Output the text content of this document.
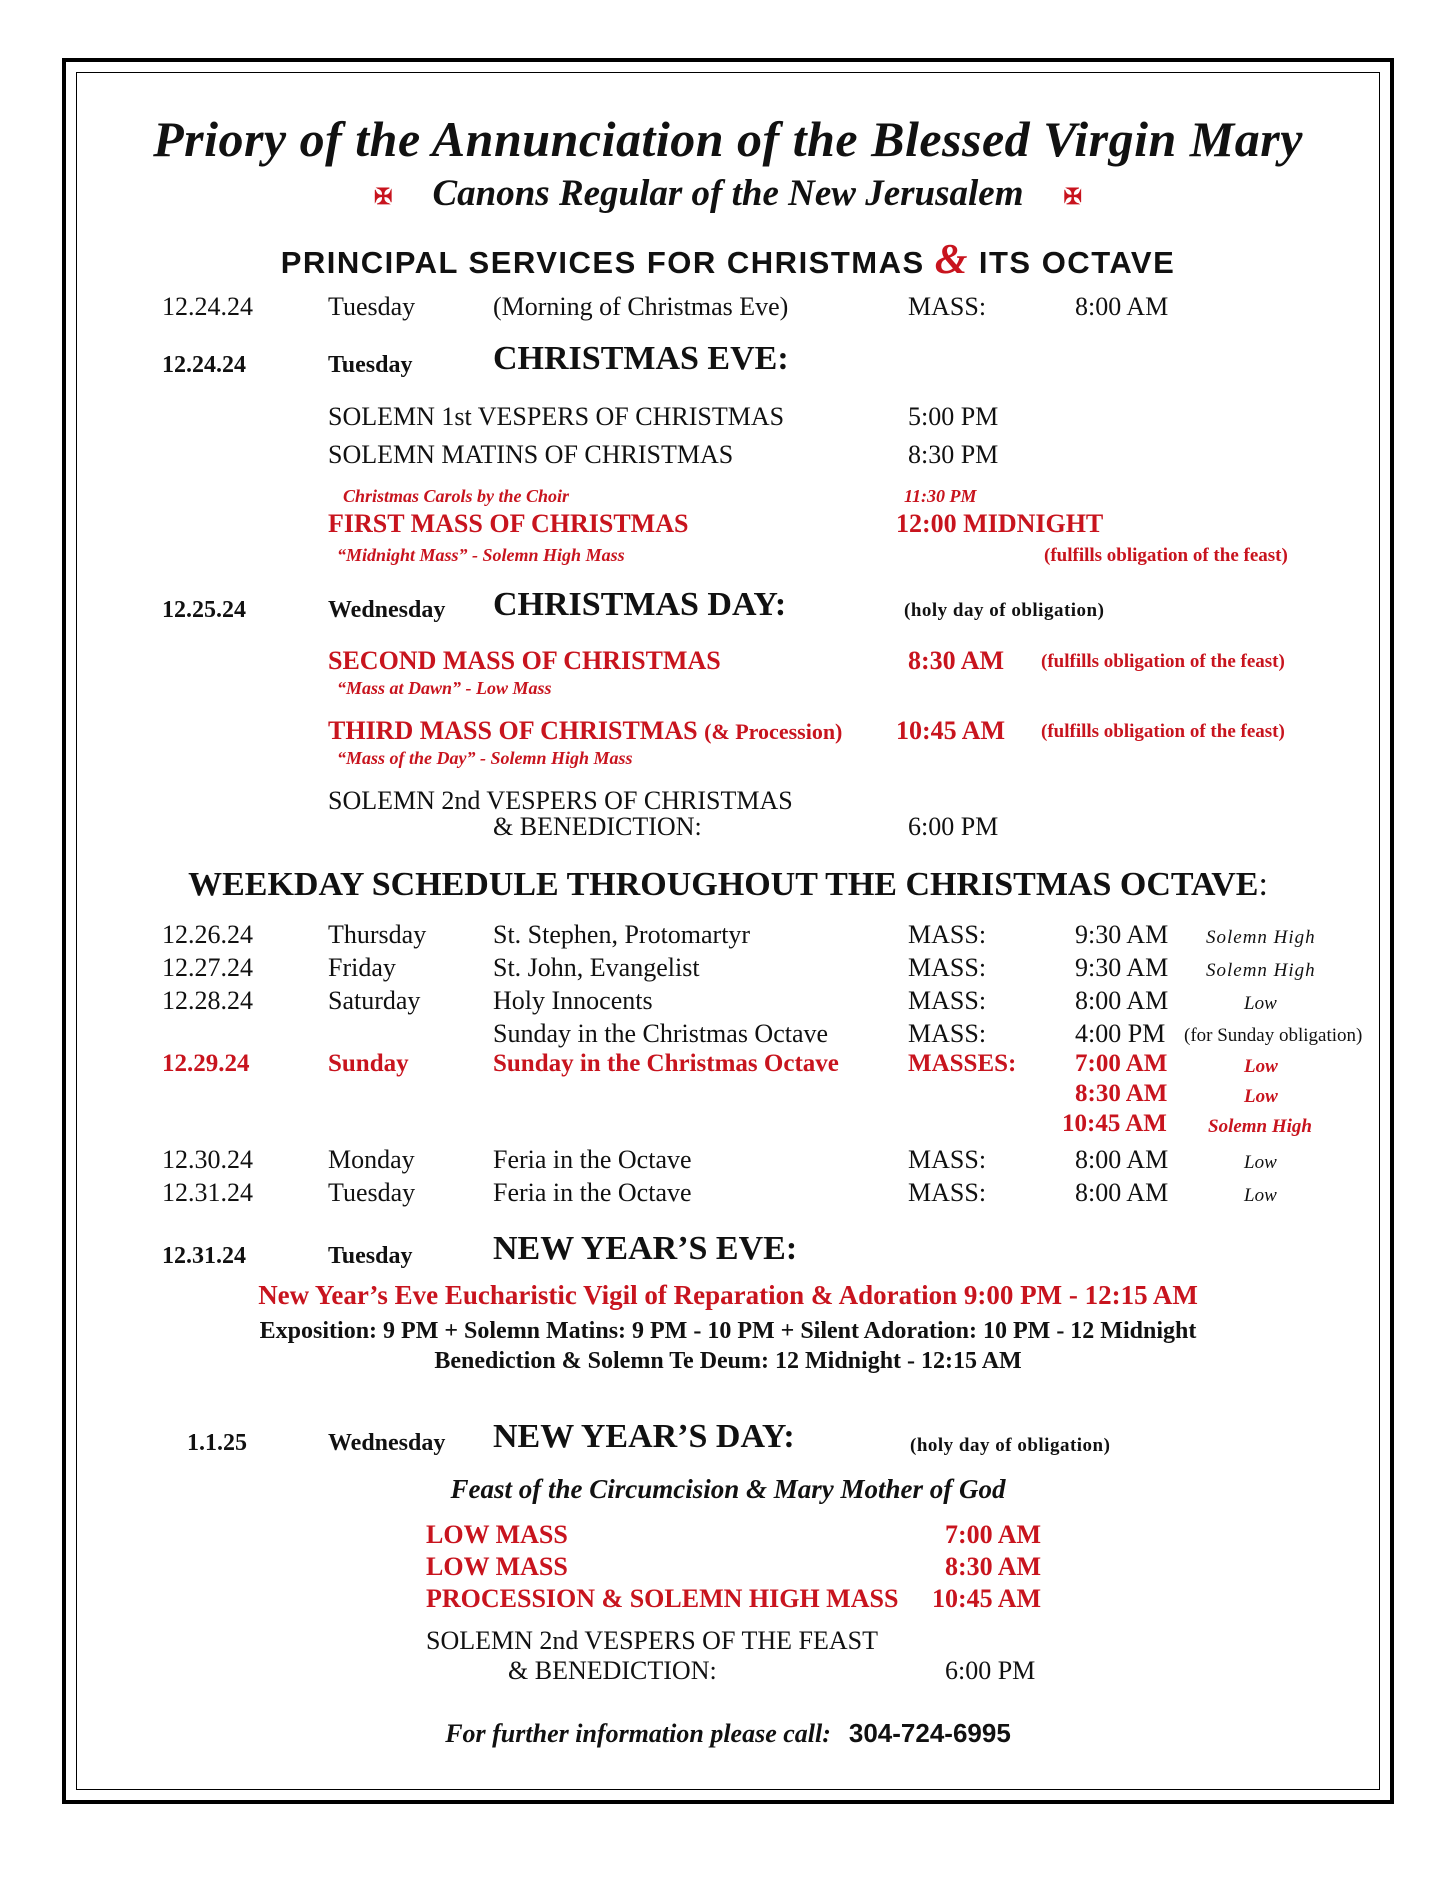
Priory of the Annunciation of the Blessed Virgin Mary
✠ Canons Regular of the New Jerusalem ✠
PRINCIPAL SERVICES FOR CHRISTMAS & ITS OCTAVE
12.24.24	Tuesday	(Morning of Christmas Eve)	MASS:	8:00 AM
12.24.24	Tuesday CHRISTMAS EVE:
SOLEMN 1st VESPERS OF CHRISTMAS	5:00 PM
SOLEMN MATINS OF CHRISTMAS	8:30 PM
Christmas Carols by the Choir	11:30 PM
FIRST MASS OF CHRISTMAS	12:00 MIDNIGHT
“Midnight Mass” - Solemn High Mass	(fulfills obligation of the feast)
12.25.24	Wednesday CHRISTMAS DAY:	(holy day of obligation)
SECOND MASS OF CHRISTMAS	8:30 AM (fulfills obligation of the feast)
“Mass at Dawn” - Low Mass
THIRD MASS OF CHRISTMAS (& Procession) 10:45 AM (fulfills obligation of the feast)
“Mass of the Day” - Solemn High Mass
SOLEMN 2nd VESPERS OF CHRISTMAS
& BENEDICTION:	6:00 PM
WEEKDAY SCHEDULE THROUGHOUT THE CHRISTMAS OCTAVE:
12.26.24	Thursday	St. Stephen, Protomartyr	MASS:	9:30 AM Solemn High
12.27.24	Friday	St. John, Evangelist	MASS:	9:30 AM Solemn High
12.28.24	Saturday	Holy Innocents	MASS:	8:00 AM	Low
Sunday in the Christmas Octave	MASS:	4:00 PM (for Sunday obligation)
12.29.24	Sunday	Sunday in the Christmas Octave	MASSES: 7:00 AM	Low
8:30 AM	Low
10:45 AM Solemn High
12.30.24	Monday	Feria in the Octave	MASS:	8:00 AM	Low
12.31.24	Tuesday	Feria in the Octave	MASS:	8:00 AM	Low
12.31.24	Tuesday NEW YEAR’S EVE:
New Year’s Eve Eucharistic Vigil of Reparation & Adoration 9:00 PM - 12:15 AM
Exposition: 9 PM + Solemn Matins: 9 PM - 10 PM + Silent Adoration: 10 PM - 12 Midnight
Benediction & Solemn Te Deum: 12 Midnight - 12:15 AM
1.1.25	Wednesday NEW YEAR’S DAY:	(holy day of obligation)
Feast of the Circumcision & Mary Mother of God
LOW MASS	7:00 AM
LOW MASS	8:30 AM
PROCESSION & SOLEMN HIGH MASS 10:45 AM
SOLEMN 2nd VESPERS OF THE FEAST
& BENEDICTION:	6:00 PM
For further information please call: 304-724-6995
